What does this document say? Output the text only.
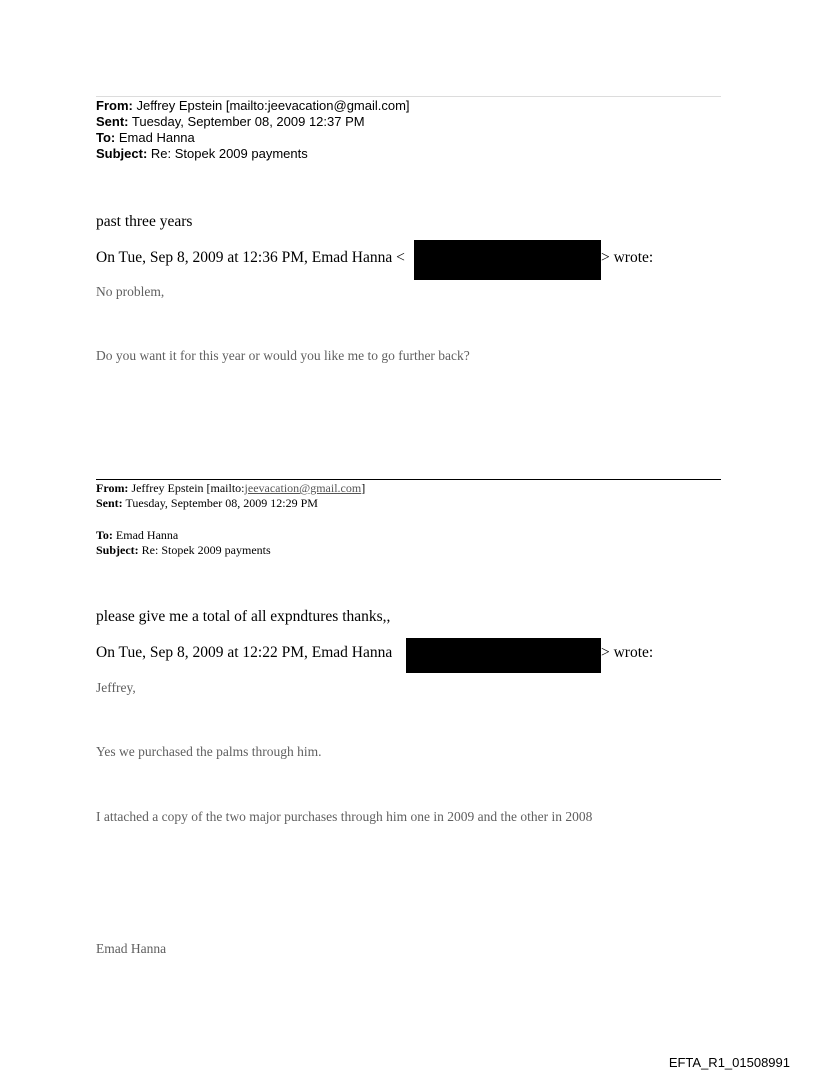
From: Jeffrey Epstein [mailto:jeevacation@gmail.com]
Sent: Tuesday, September 08, 2009 12:37 PM
To: Emad Hanna
Subject: Re: Stopek 2009 payments
past three years
On Tue, Sep 8, 2009 at 12:36 PM, Emad Hanna <	> wrote:
No problem,
Do you want it for this year or would you like me to go further back?
From: Jeffrey Epstein [mailto:jeevacation@gmail.com]
Sent: Tuesday, September 08, 2009 12:29 PM
To: Emad Hanna
Subject: Re: Stopek 2009 payments
please give me a total of all expndtures thanks,,
On Tue, Sep 8, 2009 at 12:22 PM, Emad Hanna	> wrote:
Jeffrey,
Yes we purchased the palms through him.
I attached a copy of the two major purchases through him one in 2009 and the other in 2008
Emad Hanna
EFTA_R1_01508991
